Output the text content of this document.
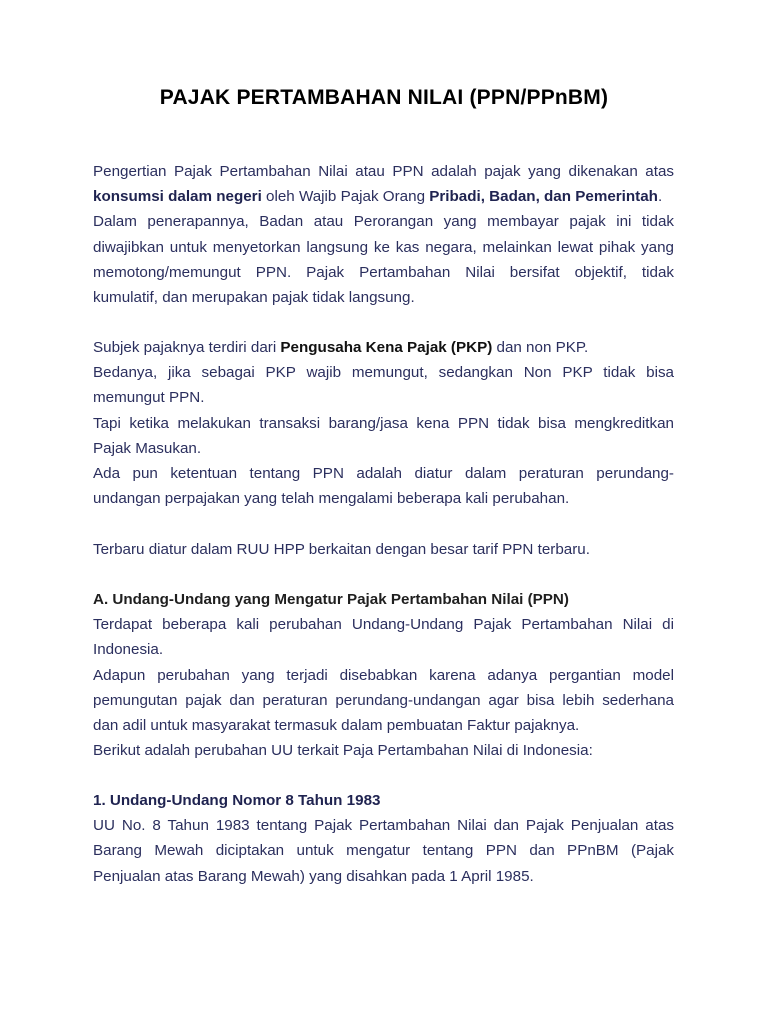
PAJAK PERTAMBAHAN NILAI (PPN/PPnBM)
Pengertian Pajak Pertambahan Nilai atau PPN adalah pajak yang dikenakan atas
konsumsi dalam negeri oleh Wajib Pajak Orang Pribadi, Badan, dan Pemerintah.
Dalam penerapannya, Badan atau Perorangan yang membayar pajak ini tidak
diwajibkan untuk menyetorkan langsung ke kas negara, melainkan lewat pihak yang
memotong/memungut PPN. Pajak Pertambahan Nilai bersifat objektif, tidak
kumulatif, dan merupakan pajak tidak langsung.
Subjek pajaknya terdiri dari Pengusaha Kena Pajak (PKP) dan non PKP.
Bedanya, jika sebagai PKP wajib memungut, sedangkan Non PKP tidak bisa
memungut PPN.
Tapi ketika melakukan transaksi barang/jasa kena PPN tidak bisa mengkreditkan
Pajak Masukan.
Ada pun ketentuan tentang PPN adalah diatur dalam peraturan perundang-
undangan perpajakan yang telah mengalami beberapa kali perubahan.
Terbaru diatur dalam RUU HPP berkaitan dengan besar tarif PPN terbaru.
A. Undang-Undang yang Mengatur Pajak Pertambahan Nilai (PPN)
Terdapat beberapa kali perubahan Undang-Undang Pajak Pertambahan Nilai di
Indonesia.
Adapun perubahan yang terjadi disebabkan karena adanya pergantian model
pemungutan pajak dan peraturan perundang-undangan agar bisa lebih sederhana
dan adil untuk masyarakat termasuk dalam pembuatan Faktur pajaknya.
Berikut adalah perubahan UU terkait Paja Pertambahan Nilai di Indonesia:
1. Undang-Undang Nomor 8 Tahun 1983
UU No. 8 Tahun 1983 tentang Pajak Pertambahan Nilai dan Pajak Penjualan atas
Barang Mewah diciptakan untuk mengatur tentang PPN dan PPnBM (Pajak
Penjualan atas Barang Mewah) yang disahkan pada 1 April 1985.
